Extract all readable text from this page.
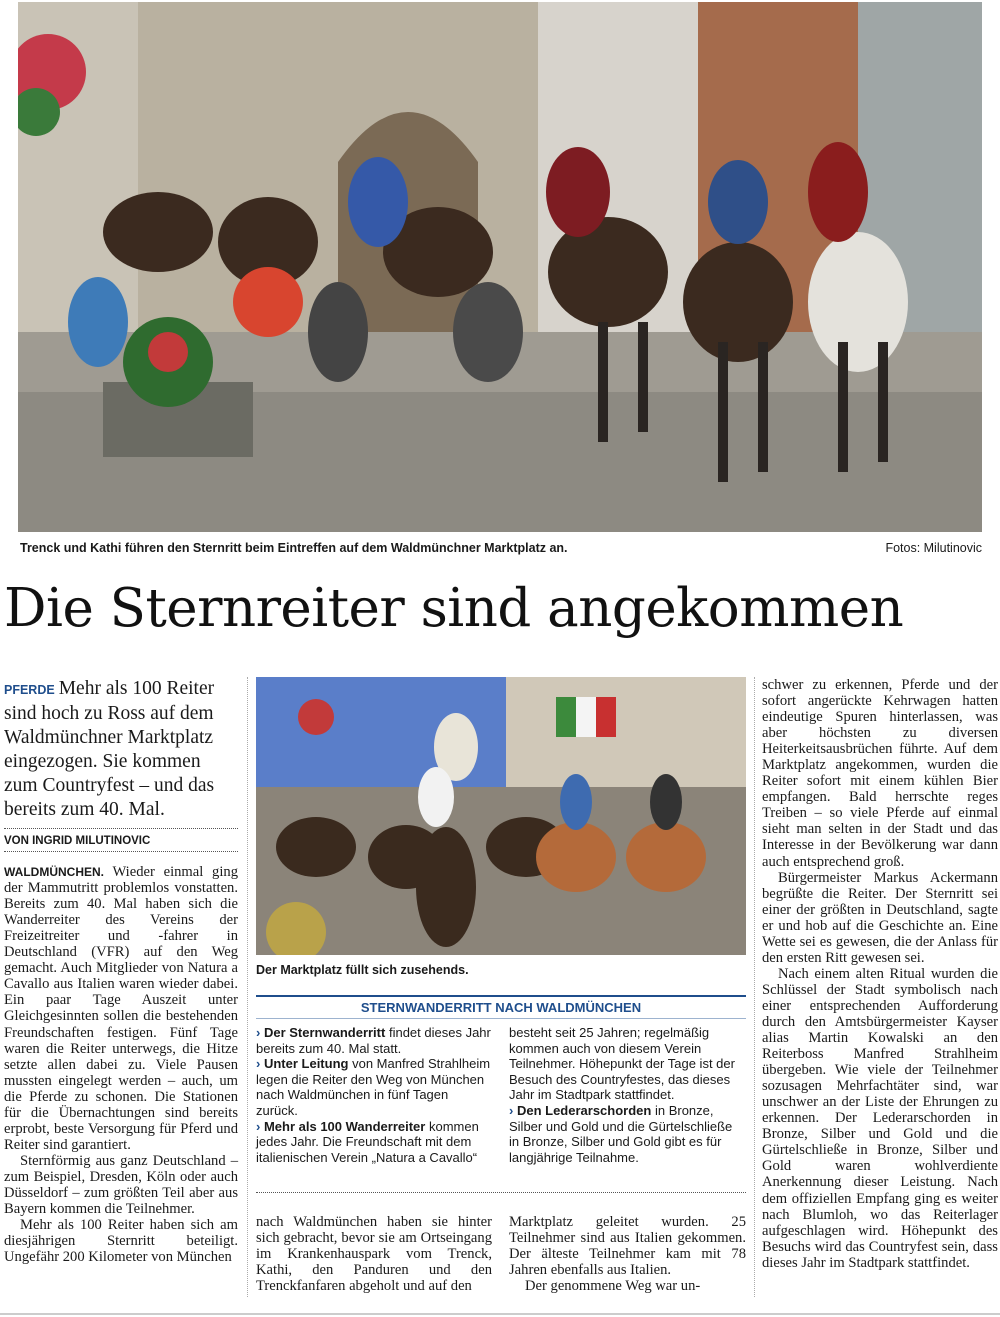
Trenck und Kathi führen den Sternritt beim Eintreffen auf dem Waldmünchner Marktplatz an.	Fotos: Milutinovic
Die Sternreiter sind angekommen
PFERDE Mehr als 100 Reiter sind hoch zu Ross auf dem Waldmünchner Marktplatz eingezogen. Sie kommen zum Countryfest – und das bereits zum 40. Mal.
VON INGRID MILUTINOVIC

WALDMÜNCHEN. Wieder einmal ging der Mammutritt problemlos vonstatten. Bereits zum 40. Mal haben sich die Wanderreiter des Vereins der Freizeitreiter und -fahrer in Deutschland (VFR) auf den Weg gemacht. Auch Mitglieder von Natura a Cavallo aus Italien waren wieder dabei. Ein paar Tage Auszeit unter Gleichgesinnten sollen die bestehenden Freundschaften festigen. Fünf Tage waren die Reiter unterwegs, die Hitze setzte allen dabei zu. Viele Pausen mussten eingelegt werden – auch, um die Pferde zu schonen. Die Stationen für die Übernachtungen sind bereits erprobt, beste Versorgung für Pferd und Reiter sind garantiert.

Sternförmig aus ganz Deutschland – zum Beispiel, Dresden, Köln oder auch Düsseldorf – zum größten Teil aber aus Bayern kommen die Teilnehmer.

Mehr als 100 Reiter haben sich am diesjährigen Sternritt beteiligt. Ungefähr 200 Kilometer von München

Der Marktplatz füllt sich zusehends.
STERNWANDERRITT NACH WALDMÜNCHEN

› Der Sternwanderritt findet dieses Jahr bereits zum 40. Mal statt.

› Unter Leitung von Manfred Strahlheim legen die Reiter den Weg von München nach Waldmünchen in fünf Tagen zurück.

› Mehr als 100 Wanderreiter kommen jedes Jahr. Die Freundschaft mit dem italienischen Verein „Natura a Cavallo“

besteht seit 25 Jahren; regelmäßig kommen auch von diesem Verein Teilnehmer. Höhepunkt der Tage ist der Besuch des Countryfestes, das dieses Jahr im Stadtpark stattfindet.

› Den Lederarschorden in Bronze, Silber und Gold und die Gürtelschließe in Bronze, Silber und Gold gibt es für langjährige Teilnahme.

nach Waldmünchen haben sie hinter sich gebracht, bevor sie am Ortseingang im Krankenhauspark vom Trenck, Kathi, den Panduren und den Trenckfanfaren abgeholt und auf den

Marktplatz geleitet wurden. 25 Teilnehmer sind aus Italien gekommen. Der älteste Teilnehmer kam mit 78 Jahren ebenfalls aus Italien.

Der genommene Weg war un-

schwer zu erkennen, Pferde und der sofort angerückte Kehrwagen hatten eindeutige Spuren hinterlassen, was aber höchsten zu diversen Heiterkeitsausbrüchen führte. Auf dem Marktplatz angekommen, wurden die Reiter sofort mit einem kühlen Bier empfangen. Bald herrschte reges Treiben – so viele Pferde auf einmal sieht man selten in der Stadt und das Interesse in der Bevölkerung war dann auch entsprechend groß.

Bürgermeister Markus Ackermann begrüßte die Reiter. Der Sternritt sei einer der größten in Deutschland, sagte er und hob auf die Geschichte an. Eine Wette sei es gewesen, die der Anlass für den ersten Ritt gewesen sei.

Nach einem alten Ritual wurden die Schlüssel der Stadt symbolisch nach einer entsprechenden Aufforderung durch den Amtsbürgermeister Kayser alias Martin Kowalski an den Reiterboss Manfred Strahlheim übergeben. Wie viele der Teilnehmer sozusagen Mehrfachtäter sind, war unschwer an der Liste der Ehrungen zu erkennen. Der Lederarschorden in Bronze, Silber und Gold und die Gürtelschließe in Bronze, Silber und Gold waren wohlverdiente Anerkennung dieser Leistung. Nach dem offiziellen Empfang ging es weiter nach Blumloh, wo das Reiterlager aufgeschlagen wird. Höhepunkt des Besuchs wird das Countryfest sein, dass dieses Jahr im Stadtpark stattfindet.
